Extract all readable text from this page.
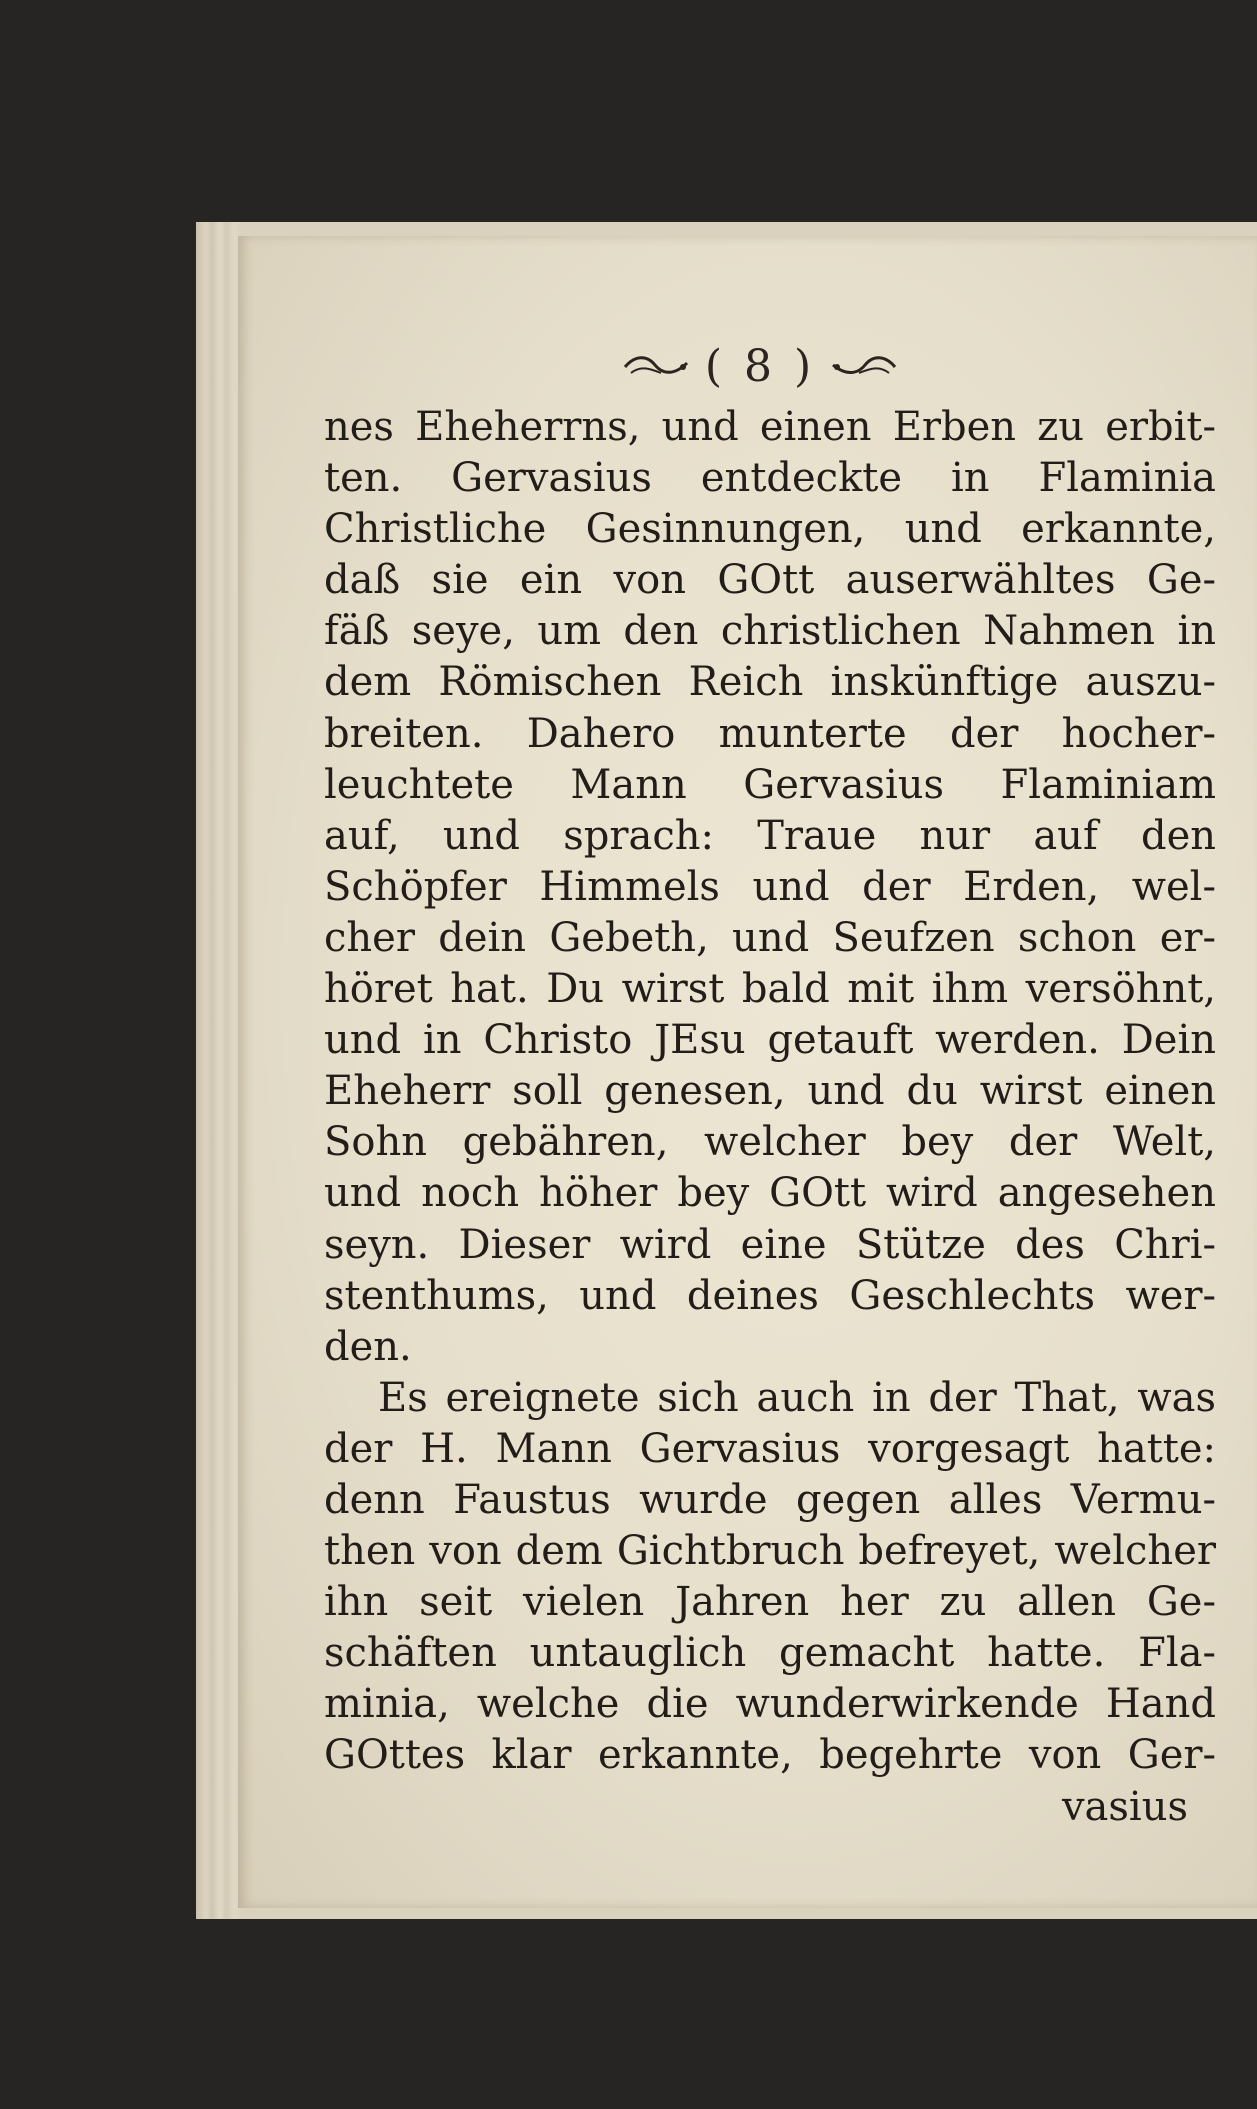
( 8 )
nes Eheherrns, und einen Erben zu erbit-
ten. Gervasius entdeckte in Flaminia
Christliche Gesinnungen, und erkannte,
daß sie ein von GOtt auserwähltes Ge-
fäß seye, um den christlichen Nahmen in
dem Römischen Reich inskünftige auszu-
breiten. Dahero munterte der hocher-
leuchtete Mann Gervasius Flaminiam
auf, und sprach: Traue nur auf den
Schöpfer Himmels und der Erden, wel-
cher dein Gebeth, und Seufzen schon er-
höret hat. Du wirst bald mit ihm versöhnt,
und in Christo JEsu getauft werden. Dein
Eheherr soll genesen, und du wirst einen
Sohn gebähren, welcher bey der Welt,
und noch höher bey GOtt wird angesehen
seyn. Dieser wird eine Stütze des Chri-
stenthums, und deines Geschlechts wer-
den.
Es ereignete sich auch in der That, was
der H. Mann Gervasius vorgesagt hatte:
denn Faustus wurde gegen alles Vermu-
then von dem Gichtbruch befreyet, welcher
ihn seit vielen Jahren her zu allen Ge-
schäften untauglich gemacht hatte. Fla-
minia, welche die wunderwirkende Hand
GOttes klar erkannte, begehrte von Ger-
vasius
